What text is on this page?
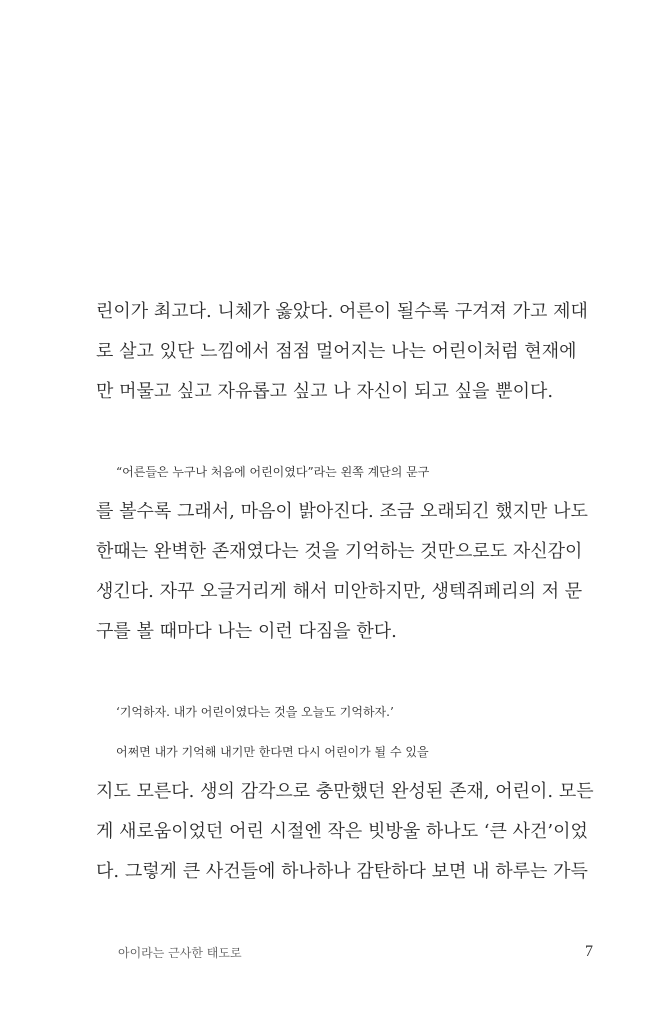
린이가 최고다. 니체가 옳았다. 어른이 될수록 구겨져 가고 제대
로 살고 있단 느낌에서 점점 멀어지는 나는 어린이처럼 현재에
만 머물고 싶고 자유롭고 싶고 나 자신이 되고 싶을 뿐이다.
“어른들은 누구나 처음에 어린이였다”라는 왼쪽 계단의 문구
를 볼수록 그래서, 마음이 밝아진다. 조금 오래되긴 했지만 나도
한때는 완벽한 존재였다는 것을 기억하는 것만으로도 자신감이
생긴다. 자꾸 오글거리게 해서 미안하지만, 생텍쥐페리의 저 문
구를 볼 때마다 나는 이런 다짐을 한다.
‘기억하자. 내가 어린이였다는 것을 오늘도 기억하자.’
어쩌면 내가 기억해 내기만 한다면 다시 어린이가 될 수 있을
지도 모른다. 생의 감각으로 충만했던 완성된 존재, 어린이. 모든
게 새로움이었던 어린 시절엔 작은 빗방울 하나도 ‘큰 사건’이었
다. 그렇게 큰 사건들에 하나하나 감탄하다 보면 내 하루는 가득
아이라는 근사한 태도로	7
